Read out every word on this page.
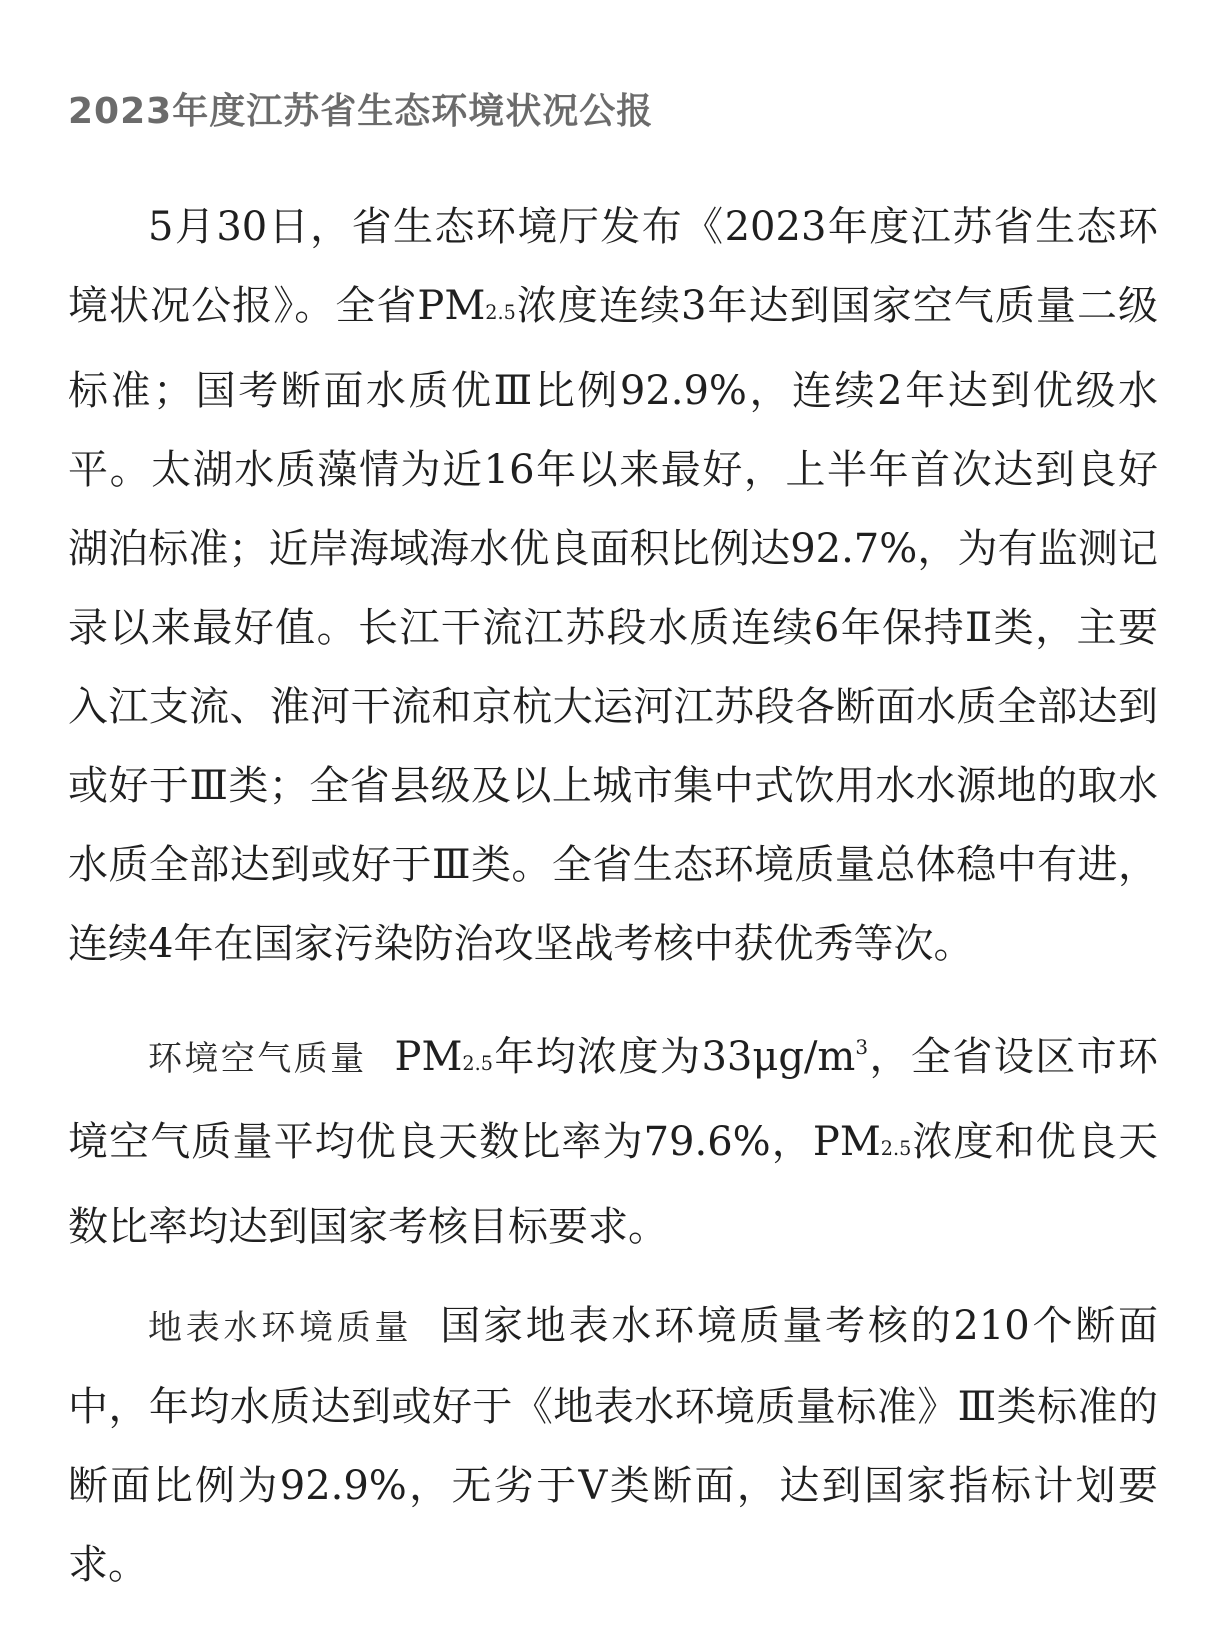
2023年度江苏省生态环境状况公报

5月30日，省生态环境厅发布《2023年度江苏省生态环境状况公报》。全省PM2.5浓度连续3年达到国家空气质量二级标准；国考断面水质优Ⅲ比例92.9%，连续2年达到优级水平。太湖水质藻情为近16年以来最好，上半年首次达到良好湖泊标准；近岸海域海水优良面积比例达92.7%，为有监测记录以来最好值。长江干流江苏段水质连续6年保持Ⅱ类，主要入江支流、淮河干流和京杭大运河江苏段各断面水质全部达到或好于Ⅲ类；全省县级及以上城市集中式饮用水水源地的取水水质全部达到或好于Ⅲ类。全省生态环境质量总体稳中有进，连续4年在国家污染防治攻坚战考核中获优秀等次。

环境空气质量 PM2.5年均浓度为$33\mu g/m^3$，全省设区市环境空气质量平均优良天数比率为79.6%，PM2.5浓度和优良天数比率均达到国家考核目标要求。

地表水环境质量 国家地表水环境质量考核的210个断面中，年均水质达到或好于《地表水环境质量标准》Ⅲ类标准的断面比例为92.9%，无劣于Ⅴ类断面，达到国家指标计划要求。
